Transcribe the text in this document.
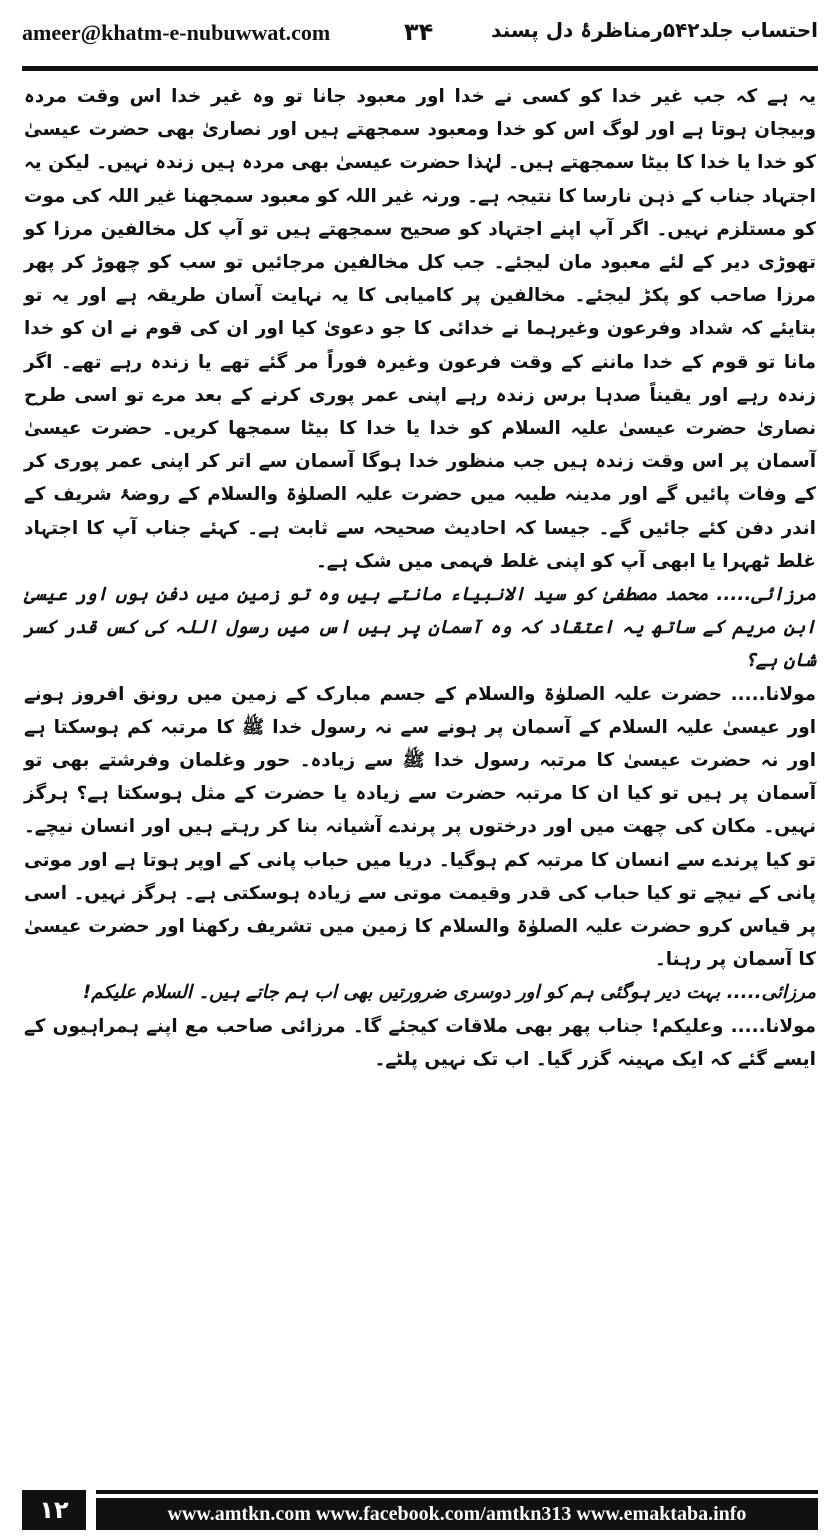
ameer@khatm-e-nubuwwat.com	۳۴	احتساب جلد۴۲؜۵رمناظرۂ دل پسند

یہ ہے کہ جب غیر خدا کو کسی نے خدا اور معبود جانا تو وہ غیر خدا اس وقت مردہ وبیجان ہوتا ہے اور لوگ اس کو خدا ومعبود سمجھتے ہیں اور نصاریٰ بھی حضرت عیسیٰ کو خدا یا خدا کا بیٹا سمجھتے ہیں۔ لہٰذا حضرت عیسیٰ بھی مردہ ہیں زندہ نہیں۔ لیکن یہ اجتہاد جناب کے ذہن نارسا کا نتیجہ ہے۔ ورنہ غیر اللہ کو معبود سمجھنا غیر اللہ کی موت کو مستلزم نہیں۔ اگر آپ اپنے اجتہاد کو صحیح سمجھتے ہیں تو آپ کل مخالفین مرزا کو تھوڑی دیر کے لئے معبود مان لیجئے۔ جب کل مخالفین مرجائیں تو سب کو چھوڑ کر پھر مرزا صاحب کو پکڑ لیجئے۔ مخالفین پر کامیابی کا یہ نہایت آسان طریقہ ہے اور یہ تو بتایئے کہ شداد وفرعون وغیرہما نے خدائی کا جو دعویٰ کیا اور ان کی قوم نے ان کو خدا مانا تو قوم کے خدا ماننے کے وقت فرعون وغیرہ فوراً مر گئے تھے یا زندہ رہے تھے۔ اگر زندہ رہے اور یقیناً صدہا برس زندہ رہے اپنی عمر پوری کرنے کے بعد مرے تو اسی طرح نصاریٰ حضرت عیسیٰ علیہ السلام کو خدا یا خدا کا بیٹا سمجھا کریں۔ حضرت عیسیٰ آسمان پر اس وقت زندہ ہیں جب منظور خدا ہوگا آسمان سے اتر کر اپنی عمر پوری کر کے وفات پائیں گے اور مدینہ طیبہ میں حضرت علیہ الصلوٰۃ والسلام کے روضۂ شریف کے اندر دفن کئے جائیں گے۔ جیسا کہ احادیث صحیحہ سے ثابت ہے۔ کہئے جناب آپ کا اجتہاد غلط ٹھہرا یا ابھی آپ کو اپنی غلط فہمی میں شک ہے۔

مرزائی..... محمد مصطفیٰ کو سید الانبیاء مانتے ہیں وہ تو زمین میں دفن ہوں اور عیسیٰ ابن مریم کے ساتھ یہ اعتقاد کہ وہ آسمان پر ہیں اس میں رسول اللہ کی کس قدر کسر شان ہے؟

مولانا..... حضرت علیہ الصلوٰۃ والسلام کے جسم مبارک کے زمین میں رونق افروز ہونے اور عیسیٰ علیہ السلام کے آسمان پر ہونے سے نہ رسول خدا ﷺ کا مرتبہ کم ہوسکتا ہے اور نہ حضرت عیسیٰ کا مرتبہ رسول خدا ﷺ سے زیادہ۔ حور وغلمان وفرشتے بھی تو آسمان پر ہیں تو کیا ان کا مرتبہ حضرت سے زیادہ یا حضرت کے مثل ہوسکتا ہے؟ ہرگز نہیں۔ مکان کی چھت میں اور درختوں پر پرندے آشیانہ بنا کر رہتے ہیں اور انسان نیچے۔ تو کیا پرندے سے انسان کا مرتبہ کم ہوگیا۔ دریا میں حباب پانی کے اوپر ہوتا ہے اور موتی پانی کے نیچے تو کیا حباب کی قدر وقیمت موتی سے زیادہ ہوسکتی ہے۔ ہرگز نہیں۔ اسی پر قیاس کرو حضرت علیہ الصلوٰۃ والسلام کا زمین میں تشریف رکھنا اور حضرت عیسیٰ کا آسمان پر رہنا۔

مرزائی..... بہت دیر ہوگئی ہم کو اور دوسری ضرورتیں بھی اب ہم جاتے ہیں۔ السلام علیکم!

مولانا..... وعلیکم! جناب پھر بھی ملاقات کیجئے گا۔ مرزائی صاحب مع اپنے ہمراہیوں کے ایسے گئے کہ ایک مہینہ گزر گیا۔ اب تک نہیں پلٹے۔

۱۲	www.amtkn.com www.facebook.com/amtkn313 www.emaktaba.info
